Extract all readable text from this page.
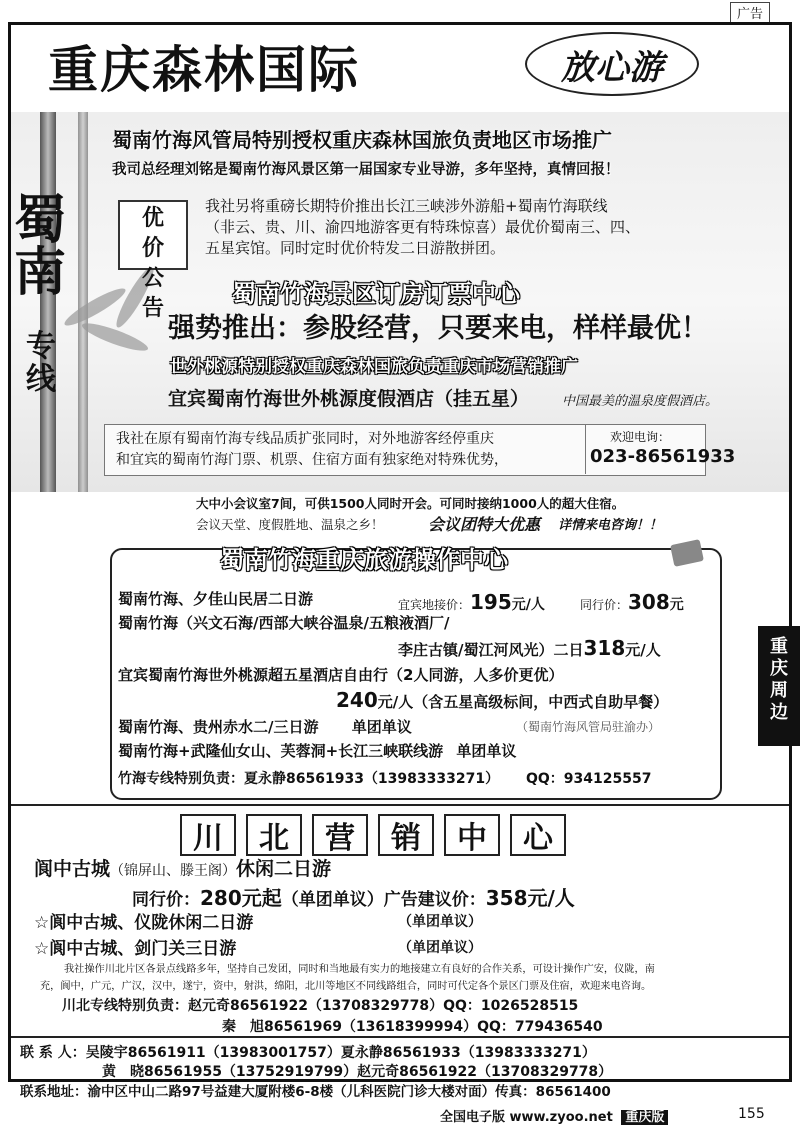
广告
重庆森林国际	放心游
蜀南
专线
蜀南竹海风管局特别授权重庆森林国旅负责地区市场推广
我司总经理刘铭是蜀南竹海风景区第一届国家专业导游，多年坚持，真情回报！
优价公告
我社另将重磅长期特价推出长江三峡涉外游船+蜀南竹海联线
（非云、贵、川、渝四地游客更有特珠惊喜）最优价蜀南三、四、
五星宾馆。同时定时优价特发二日游散拼团。
蜀南竹海景区订房订票中心
强势推出：参股经营，只要来电，样样最优！
世外桃源特别授权重庆森林国旅负责重庆市场营销推广
宜宾蜀南竹海世外桃源度假酒店（挂五星）	中国最美的温泉度假酒店。
我社在原有蜀南竹海专线品质扩张同时，对外地游客经停重庆
和宜宾的蜀南竹海门票、机票、住宿方面有独家绝对特殊优势，
欢迎电询：
023-86561933
大中小会议室7间，可供1500人同时开会。可同时接纳1000人的超大住宿。
会议天堂、度假胜地、温泉之乡！	会议团特大优惠 详情来电咨询！！
蜀南竹海重庆旅游操作中心
蜀南竹海、夕佳山民居二日游	宜宾地接价：195元/人	同行价：308元
蜀南竹海（兴文石海/西部大峡谷温泉/五粮液酒厂/
李庄古镇/蜀江河风光）二日318元/人
宜宾蜀南竹海世外桃源超五星酒店自由行（2人同游，人多价更优）
240元/人（含五星高级标间，中西式自助早餐）
蜀南竹海、贵州赤水二/三日游 单团单议	（蜀南竹海风管局驻渝办）
蜀南竹海+武隆仙女山、芙蓉洞+长江三峡联线游 单团单议
竹海专线特别负责：夏永静86561933（13983333271） QQ：934125557
重庆周边
川	北	营	销	中	心
阆中古城（锦屏山、滕王阁）休闲二日游
同行价：280元起（单团单议）广告建议价：358元/人
☆阆中古城、仪陇休闲二日游	（单团单议）
☆阆中古城、剑门关三日游	（单团单议）
我社操作川北片区各景点线路多年，坚持自己发团，同时和当地最有实力的地接建立有良好的合作关系，可设计操作广安，仪陇，南
充，阆中，广元，广汉，汉中，遂宁，资中，射洪，绵阳，北川等地区不同线路组合，同时可代定各个景区门票及住宿，欢迎来电咨询。
川北专线特别负责：赵元奇86561922（13708329778）QQ：1026528515
秦　旭86561969（13618399994）QQ：779436540
联 系 人：吴陵宇86561911（13983001757）夏永静86561933（13983333271）
黄　晓86561955（13752919799）赵元奇86561922（13708329778）
联系地址：渝中区中山二路97号益建大厦附楼6-8楼（儿科医院门诊大楼对面）传真：86561400
全国电子版 www.zyoo.net 重庆版	155
